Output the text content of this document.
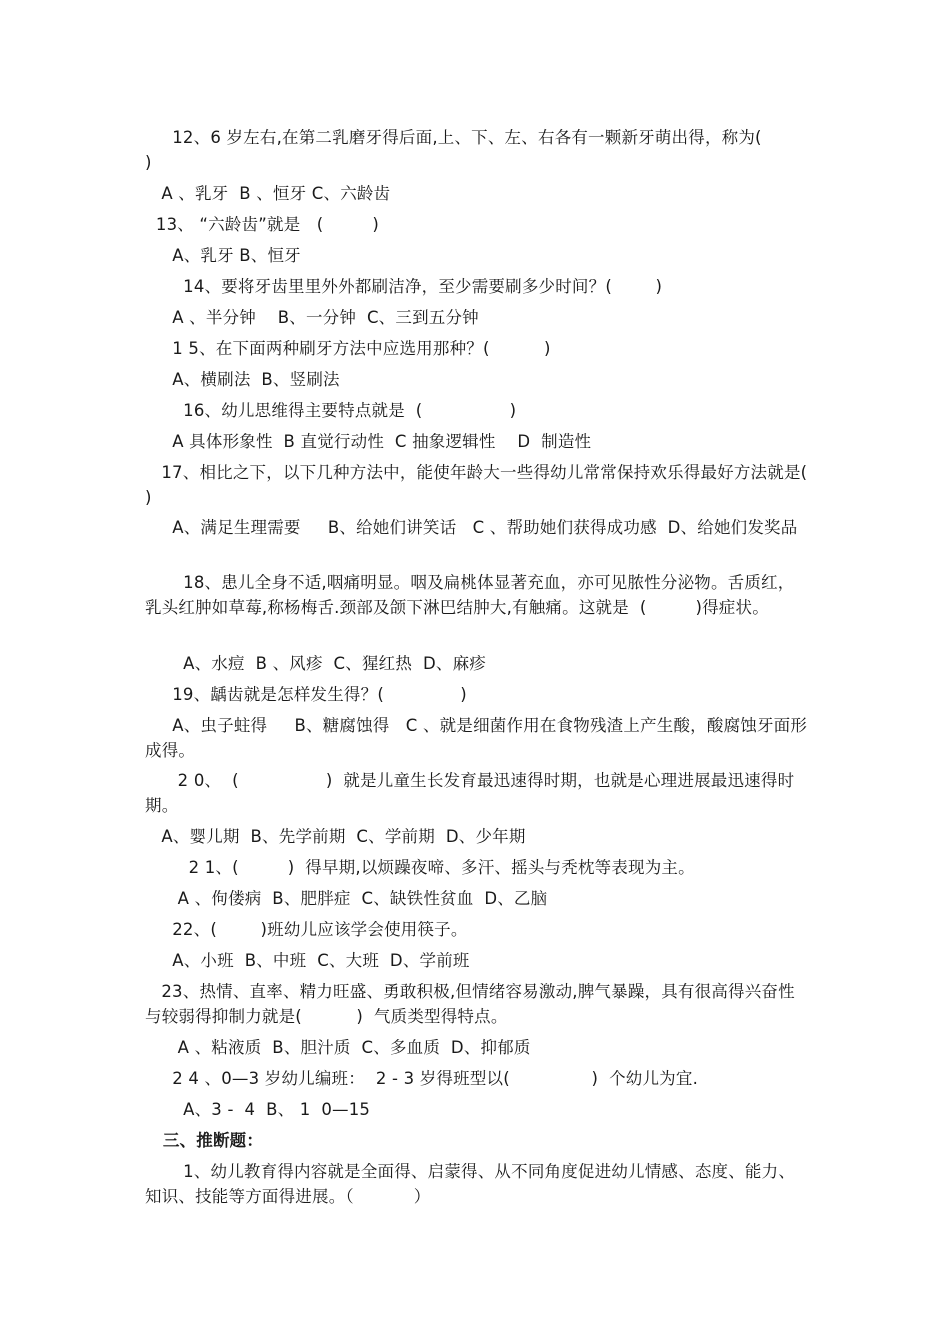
12、6 岁左右,在第二乳磨牙得后面,上、下、左、右各有一颗新牙萌出得，称为(         )
A 、乳牙  B 、恒牙 C、六龄齿
13、 “六龄齿”就是   (         )
A、乳牙 B、恒牙
14、要将牙齿里里外外都刷洁净，至少需要刷多少时间？(        )
A 、半分钟    B、一分钟  C、三到五分钟
1 5、在下面两种刷牙方法中应选用那种？(          )
A、横刷法  B、竖刷法
16、幼儿思维得主要特点就是  (                )
A 具体形象性  B 直觉行动性  C 抽象逻辑性    D  制造性
17、相比之下，以下几种方法中，能使年龄大一些得幼儿常常保持欢乐得最好方法就是(         )
A、满足生理需要     B、给她们讲笑话   C 、帮助她们获得成功感  D、给她们发奖品
18、患儿全身不适,咽痛明显。咽及扁桃体显著充血，亦可见脓性分泌物。舌质红，乳头红肿如草莓,称杨梅舌.颈部及颌下淋巴结肿大,有触痛。这就是  (         )得症状。
A、水痘  B 、风疹  C、猩红热  D、麻疹
19、龋齿就是怎样发生得？(              )
A、虫子蛀得     B、糖腐蚀得   C 、就是细菌作用在食物残渣上产生酸，酸腐蚀牙面形成得。
2 0、  (                )  就是儿童生长发育最迅速得时期，也就是心理进展最迅速得时期。
A、婴儿期  B、先学前期  C、学前期  D、少年期
2 1、(         )  得早期,以烦躁夜啼、多汗、摇头与秃枕等表现为主。
A 、佝偻病  B、肥胖症  C、缺铁性贫血  D、乙脑
22、(        )班幼儿应该学会使用筷子。
A、小班  B、中班  C、大班  D、学前班
23、热情、直率、精力旺盛、勇敢积极,但情绪容易激动,脾气暴躁，具有很高得兴奋性与较弱得抑制力就是(          )  气质类型得特点。
A 、粘液质  B、胆汁质  C、多血质  D、抑郁质
2 4 、0—3 岁幼儿编班：  2 - 3 岁得班型以(               )  个幼儿为宜.
A、3 -  4  B、 1  0—15
三、推断题：
1、幼儿教育得内容就是全面得、启蒙得、从不同角度促进幼儿情感、态度、能力、知识、技能等方面得进展。（           ）
